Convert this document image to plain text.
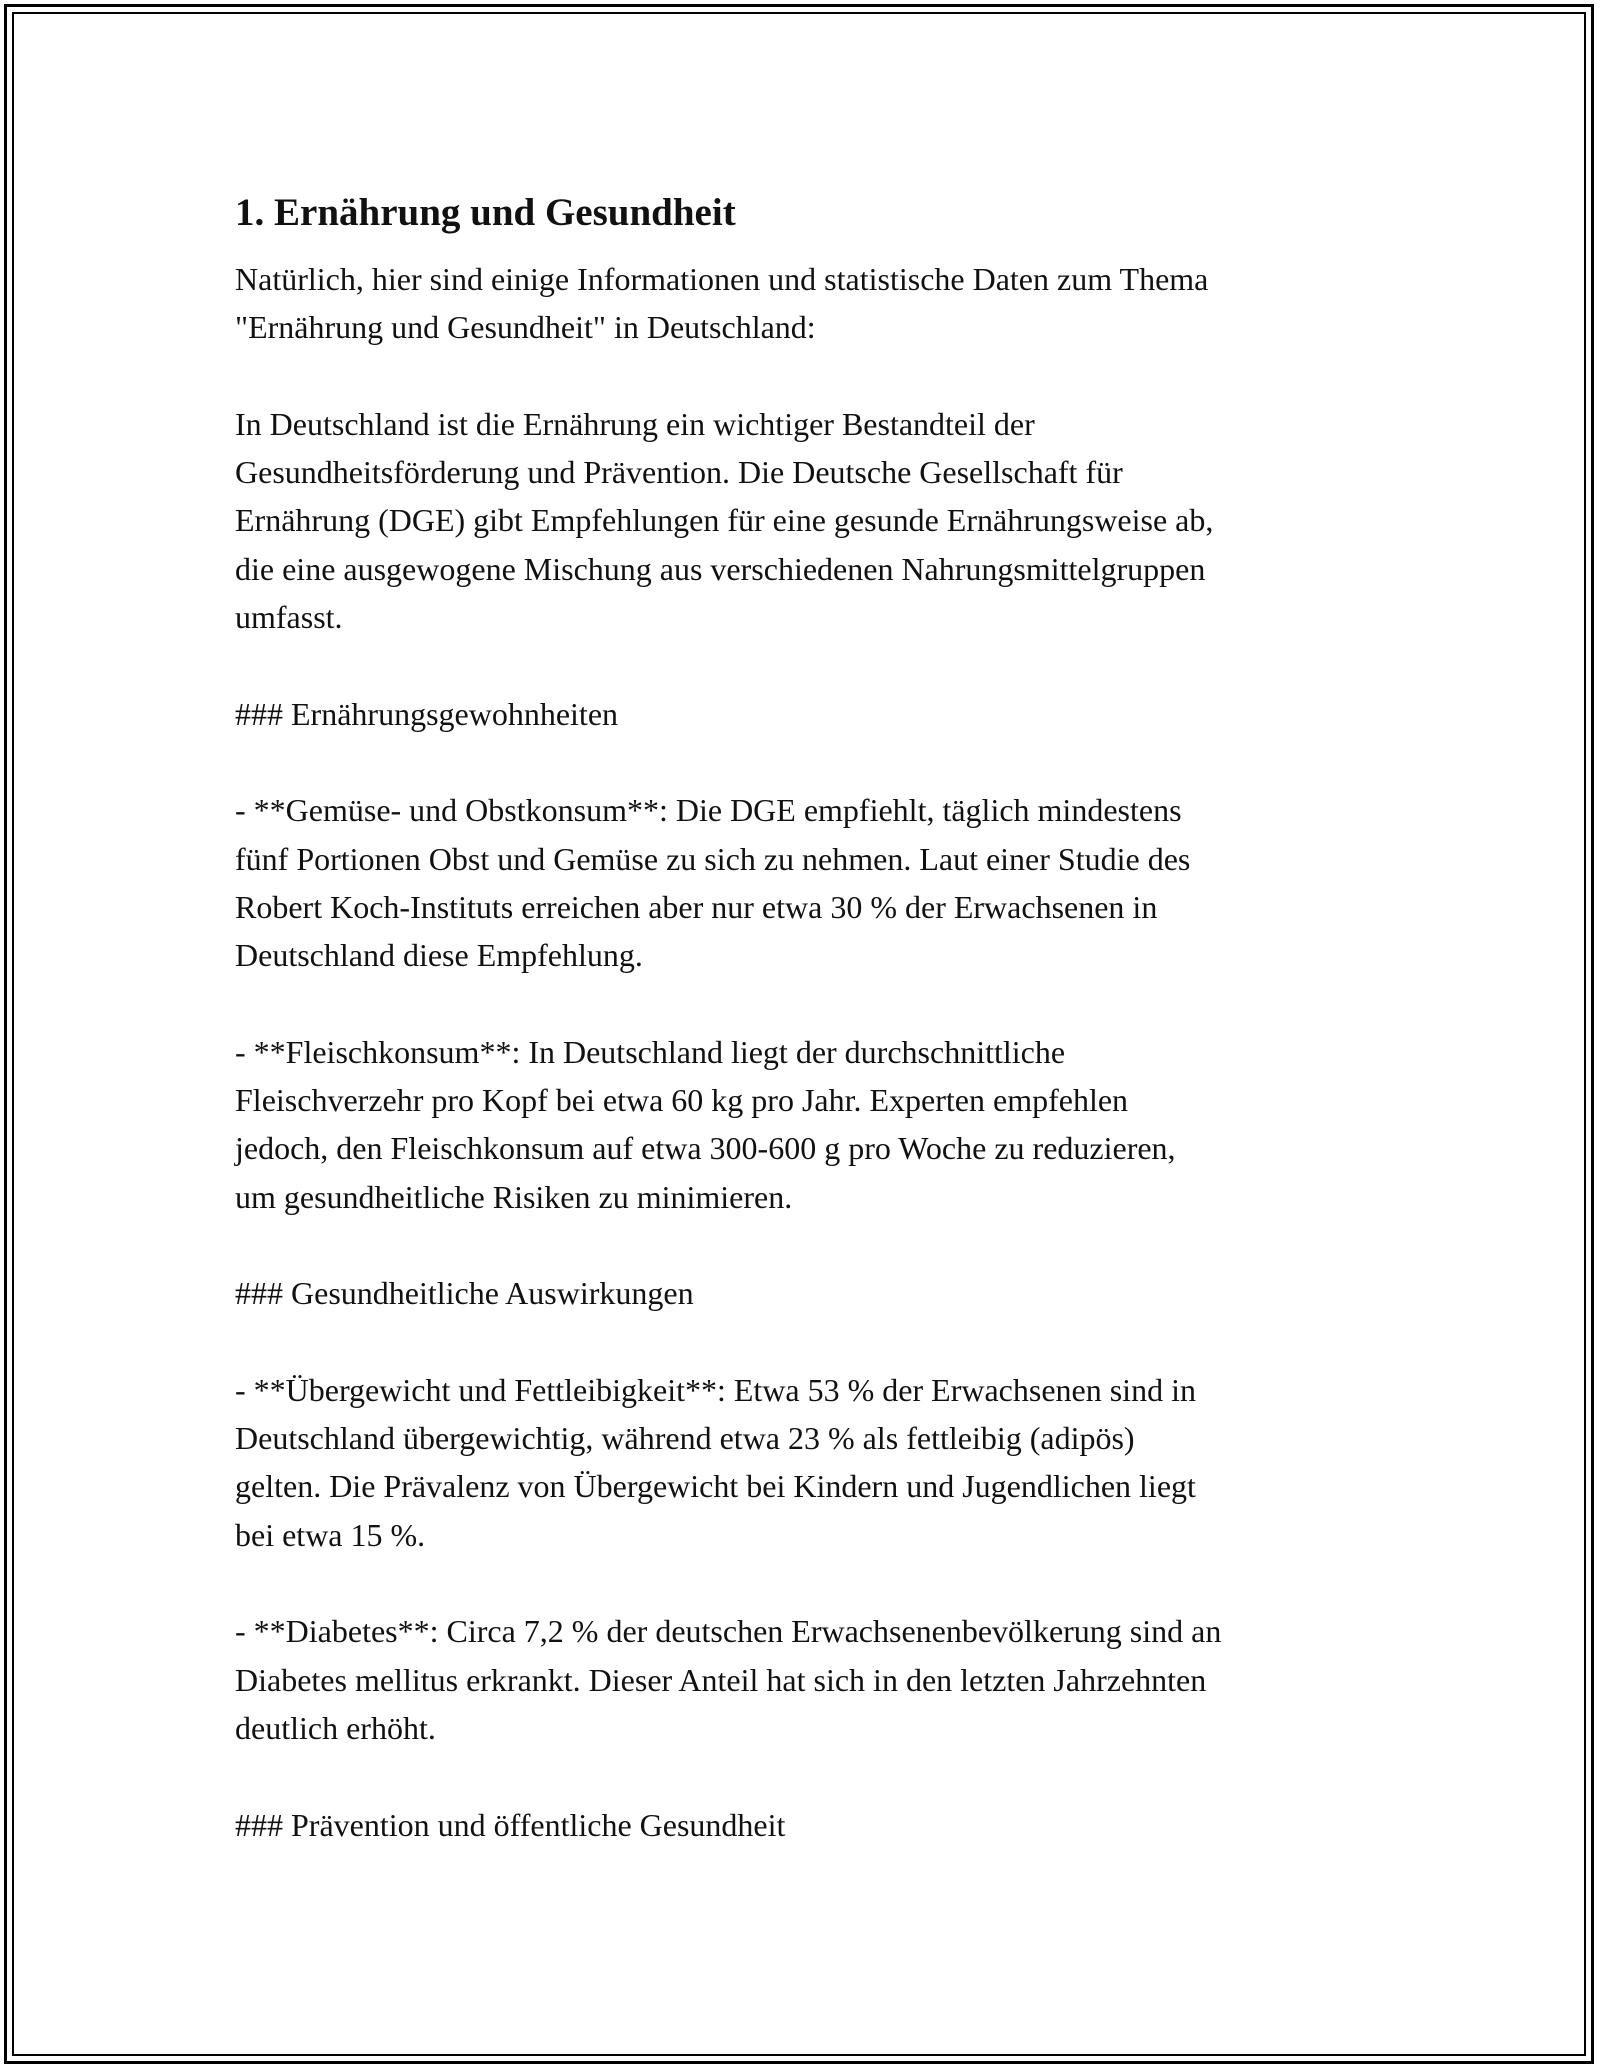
1. Ernährung und Gesundheit

Natürlich, hier sind einige Informationen und statistische Daten zum Thema
"Ernährung und Gesundheit" in Deutschland:

In Deutschland ist die Ernährung ein wichtiger Bestandteil der
Gesundheitsförderung und Prävention. Die Deutsche Gesellschaft für
Ernährung (DGE) gibt Empfehlungen für eine gesunde Ernährungsweise ab,
die eine ausgewogene Mischung aus verschiedenen Nahrungsmittelgruppen
umfasst.

### Ernährungsgewohnheiten

- **Gemüse- und Obstkonsum**: Die DGE empfiehlt, täglich mindestens
fünf Portionen Obst und Gemüse zu sich zu nehmen. Laut einer Studie des
Robert Koch-Instituts erreichen aber nur etwa 30 % der Erwachsenen in
Deutschland diese Empfehlung.

- **Fleischkonsum**: In Deutschland liegt der durchschnittliche
Fleischverzehr pro Kopf bei etwa 60 kg pro Jahr. Experten empfehlen
jedoch, den Fleischkonsum auf etwa 300-600 g pro Woche zu reduzieren,
um gesundheitliche Risiken zu minimieren.

### Gesundheitliche Auswirkungen

- **Übergewicht und Fettleibigkeit**: Etwa 53 % der Erwachsenen sind in
Deutschland übergewichtig, während etwa 23 % als fettleibig (adipös)
gelten. Die Prävalenz von Übergewicht bei Kindern und Jugendlichen liegt
bei etwa 15 %.

- **Diabetes**: Circa 7,2 % der deutschen Erwachsenenbevölkerung sind an
Diabetes mellitus erkrankt. Dieser Anteil hat sich in den letzten Jahrzehnten
deutlich erhöht.

### Prävention und öffentliche Gesundheit
